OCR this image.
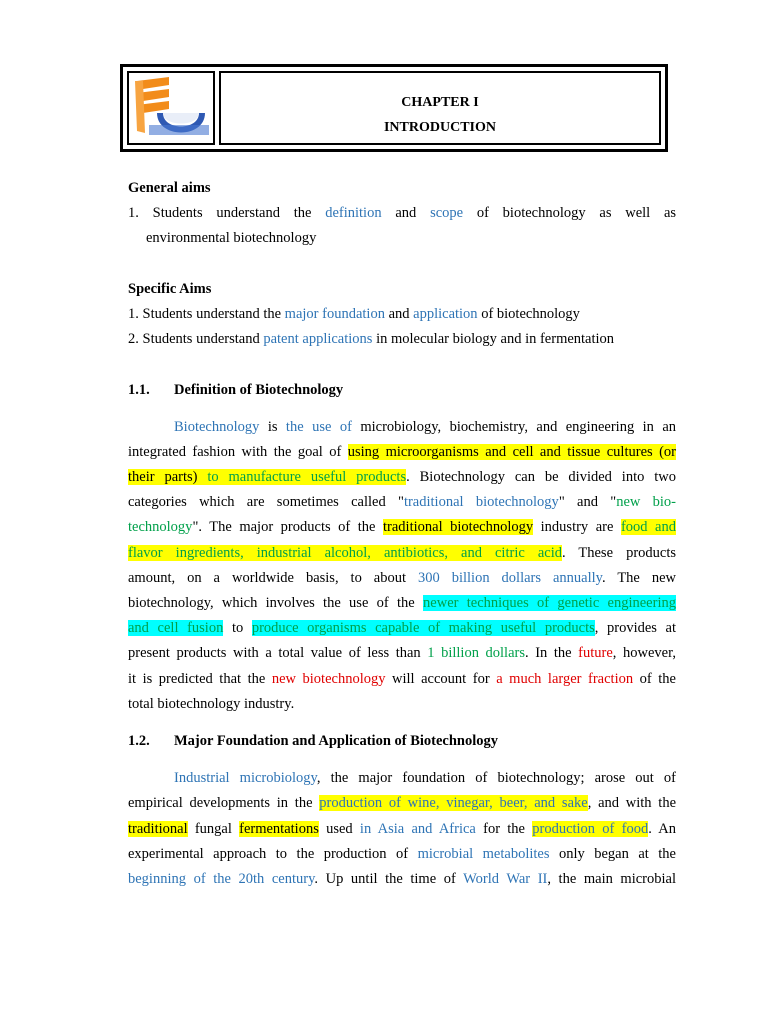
CHAPTER I
INTRODUCTION
General aims
1. Students understand the definition and scope of biotechnology as well as
environmental biotechnology
Specific Aims
1. Students understand the major foundation and application of biotechnology
2. Students understand patent applications in molecular biology and in fermentation
1.1. Definition of Biotechnology
Biotechnology is the use of microbiology, biochemistry, and engineering in an
integrated fashion with the goal of using microorganisms and cell and tissue cultures (or
their parts) to manufacture useful products. Biotechnology can be divided into two
categories which are sometimes called "traditional biotechnology" and "new bio-
technology". The major products of the traditional biotechnology industry are food and
flavor ingredients, industrial alcohol, antibiotics, and citric acid. These products
amount, on a worldwide basis, to about 300 billion dollars annually. The new
biotechnology, which involves the use of the newer techniques of genetic engineering
and cell fusion to produce organisms capable of making useful products, provides at
present products with a total value of less than 1 billion dollars. In the future, however,
it is predicted that the new biotechnology will account for a much larger fraction of the
total biotechnology industry.
1.2. Major Foundation and Application of Biotechnology
Industrial microbiology, the major foundation of biotechnology; arose out of
empirical developments in the production of wine, vinegar, beer, and sake, and with the
traditional fungal fermentations used in Asia and Africa for the production of food. An
experimental approach to the production of microbial metabolites only began at the
beginning of the 20th century. Up until the time of World War II, the main microbial
